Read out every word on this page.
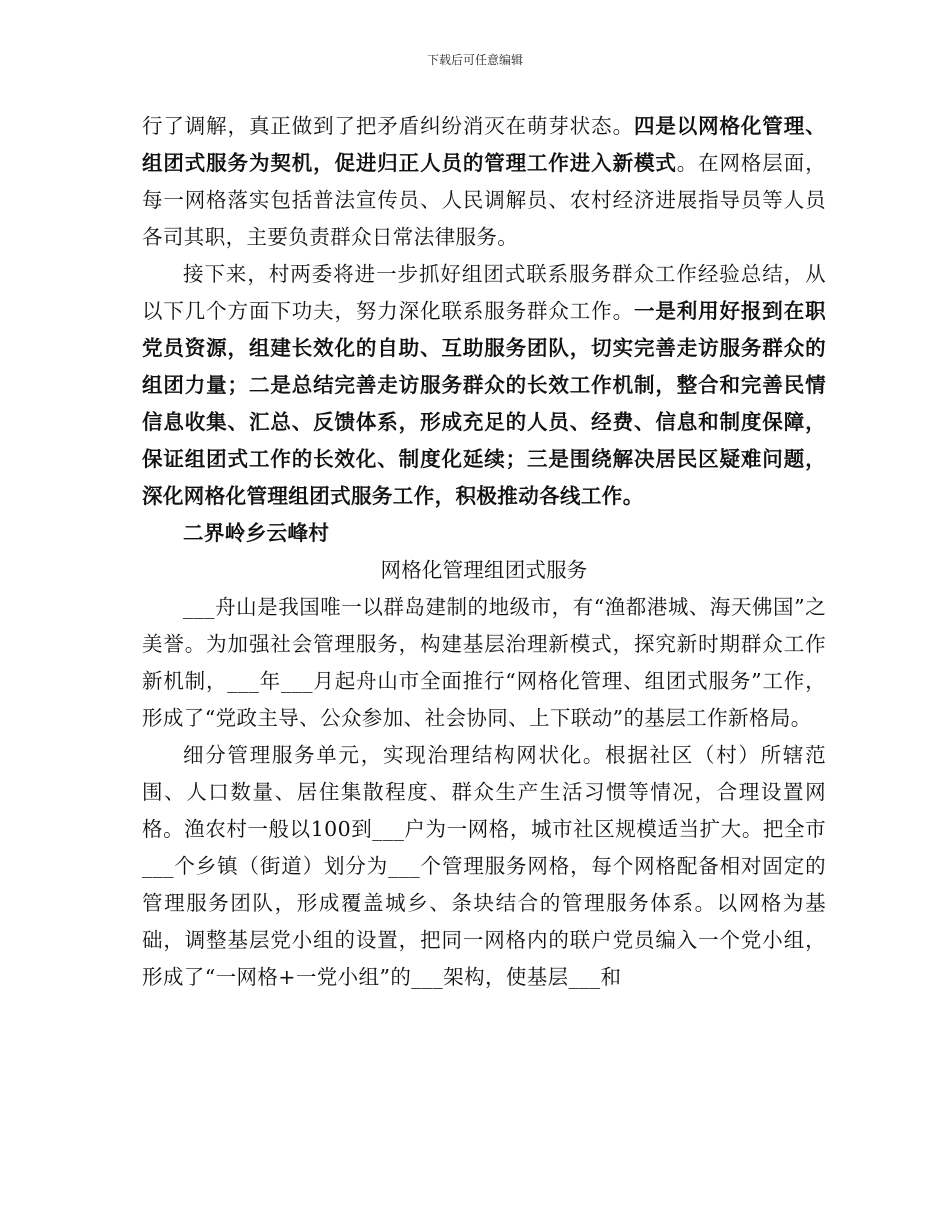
下载后可任意编辑

行了调解，真正做到了把矛盾纠纷消灭在萌芽状态。四是以网格化管理、组团式服务为契机，促进归正人员的管理工作进入新模式。在网格层面，每一网格落实包括普法宣传员、人民调解员、农村经济进展指导员等人员各司其职，主要负责群众日常法律服务。

接下来，村两委将进一步抓好组团式联系服务群众工作经验总结，从以下几个方面下功夫，努力深化联系服务群众工作。一是利用好报到在职党员资源，组建长效化的自助、互助服务团队，切实完善走访服务群众的组团力量；二是总结完善走访服务群众的长效工作机制，整合和完善民情信息收集、汇总、反馈体系，形成充足的人员、经费、信息和制度保障，保证组团式工作的长效化、制度化延续；三是围绕解决居民区疑难问题，深化网格化管理组团式服务工作，积极推动各线工作。

二界岭乡云峰村

网格化管理组团式服务

___舟山是我国唯一以群岛建制的地级市，有“渔都港城、海天佛国”之美誉。为加强社会管理服务，构建基层治理新模式，探究新时期群众工作新机制，___年___月起舟山市全面推行“网格化管理、组团式服务”工作，形成了“党政主导、公众参加、社会协同、上下联动”的基层工作新格局。

细分管理服务单元，实现治理结构网状化。根据社区（村）所辖范围、人口数量、居住集散程度、群众生产生活习惯等情况，合理设置网格。渔农村一般以100到___户为一网格，城市社区规模适当扩大。把全市___个乡镇（街道）划分为___个管理服务网格，每个网格配备相对固定的管理服务团队，形成覆盖城乡、条块结合的管理服务体系。以网格为基础，调整基层党小组的设置，把同一网格内的联户党员编入一个党小组，形成了“一网格+一党小组”的___架构，使基层___和
